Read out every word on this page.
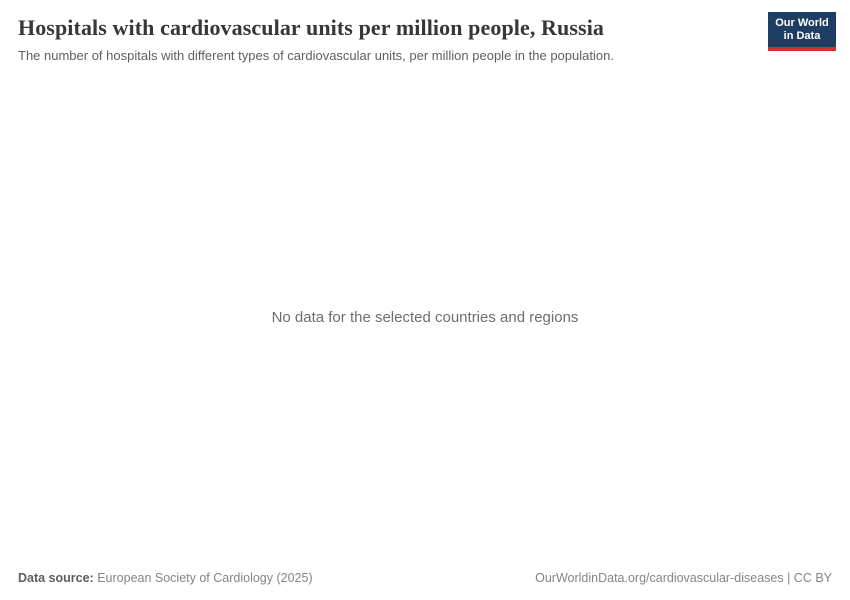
Hospitals with cardiovascular units per million people, Russia

The number of hospitals with different types of cardiovascular units, per million people in the population.

Our World
in Data
No data for the selected countries and regions
Data source: European Society of Cardiology (2025)	OurWorldinData.org/cardiovascular-diseases | CC BY
